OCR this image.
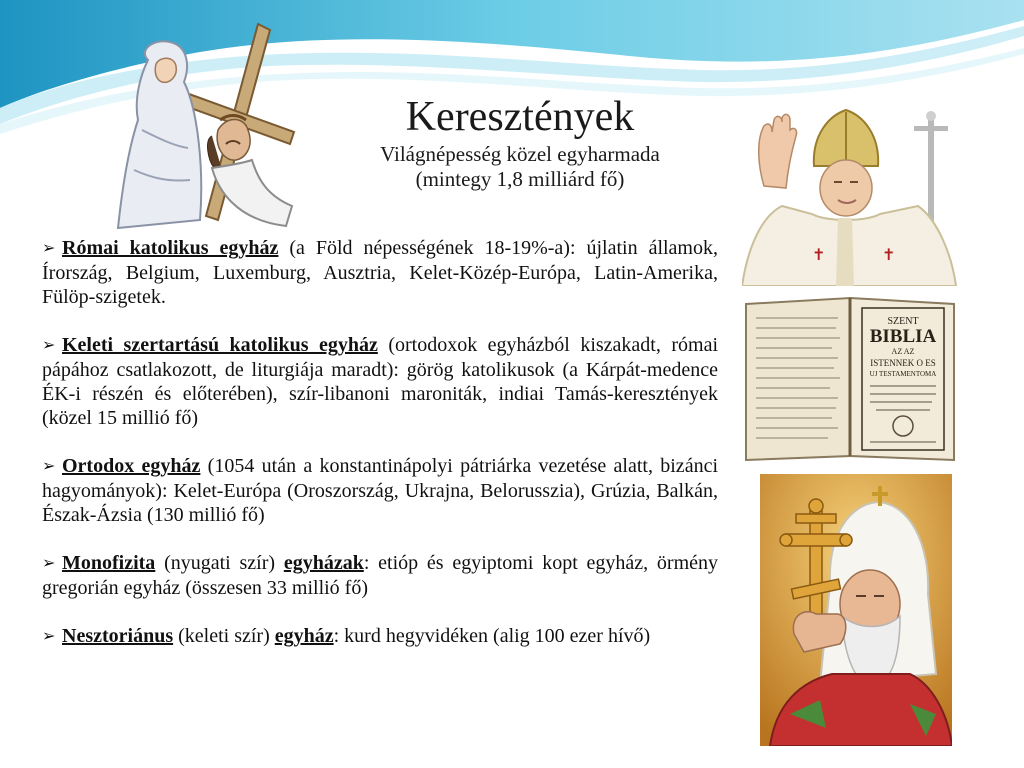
Keresztények
Világnépesség közel egyharmada
(mintegy 1,8 milliárd fő)
✝	✝
SZENT
BIBLIA
AZ AZ
ISTENNEK O ES
UJ TESTAMENTOMA
➢ Római katolikus egyház (a Föld népességének 18-19%-a): újlatin államok, Írország, Belgium, Luxemburg, Ausztria, Kelet-Közép-Európa, Latin-Amerika, Fülöp-szigetek.
➢ Keleti szertartású katolikus egyház (ortodoxok egyházból kiszakadt, római pápához csatlakozott, de liturgiája maradt): görög katolikusok (a Kárpát-medence ÉK-i részén és előterében), szír-libanoni maroniták, indiai Tamás-keresztények (közel 15 millió fő)
➢ Ortodox egyház (1054 után a konstantinápolyi pátriárka vezetése alatt, bizánci hagyományok): Kelet-Európa (Oroszország, Ukrajna, Belorusszia), Grúzia, Balkán, Észak-Ázsia (130 millió fő)
➢ Monofizita (nyugati szír) egyházak: etióp és egyiptomi kopt egyház, örmény gregorián egyház (összesen 33 millió fő)
➢ Nesztoriánus (keleti szír) egyház: kurd hegyvidéken (alig 100 ezer hívő)
